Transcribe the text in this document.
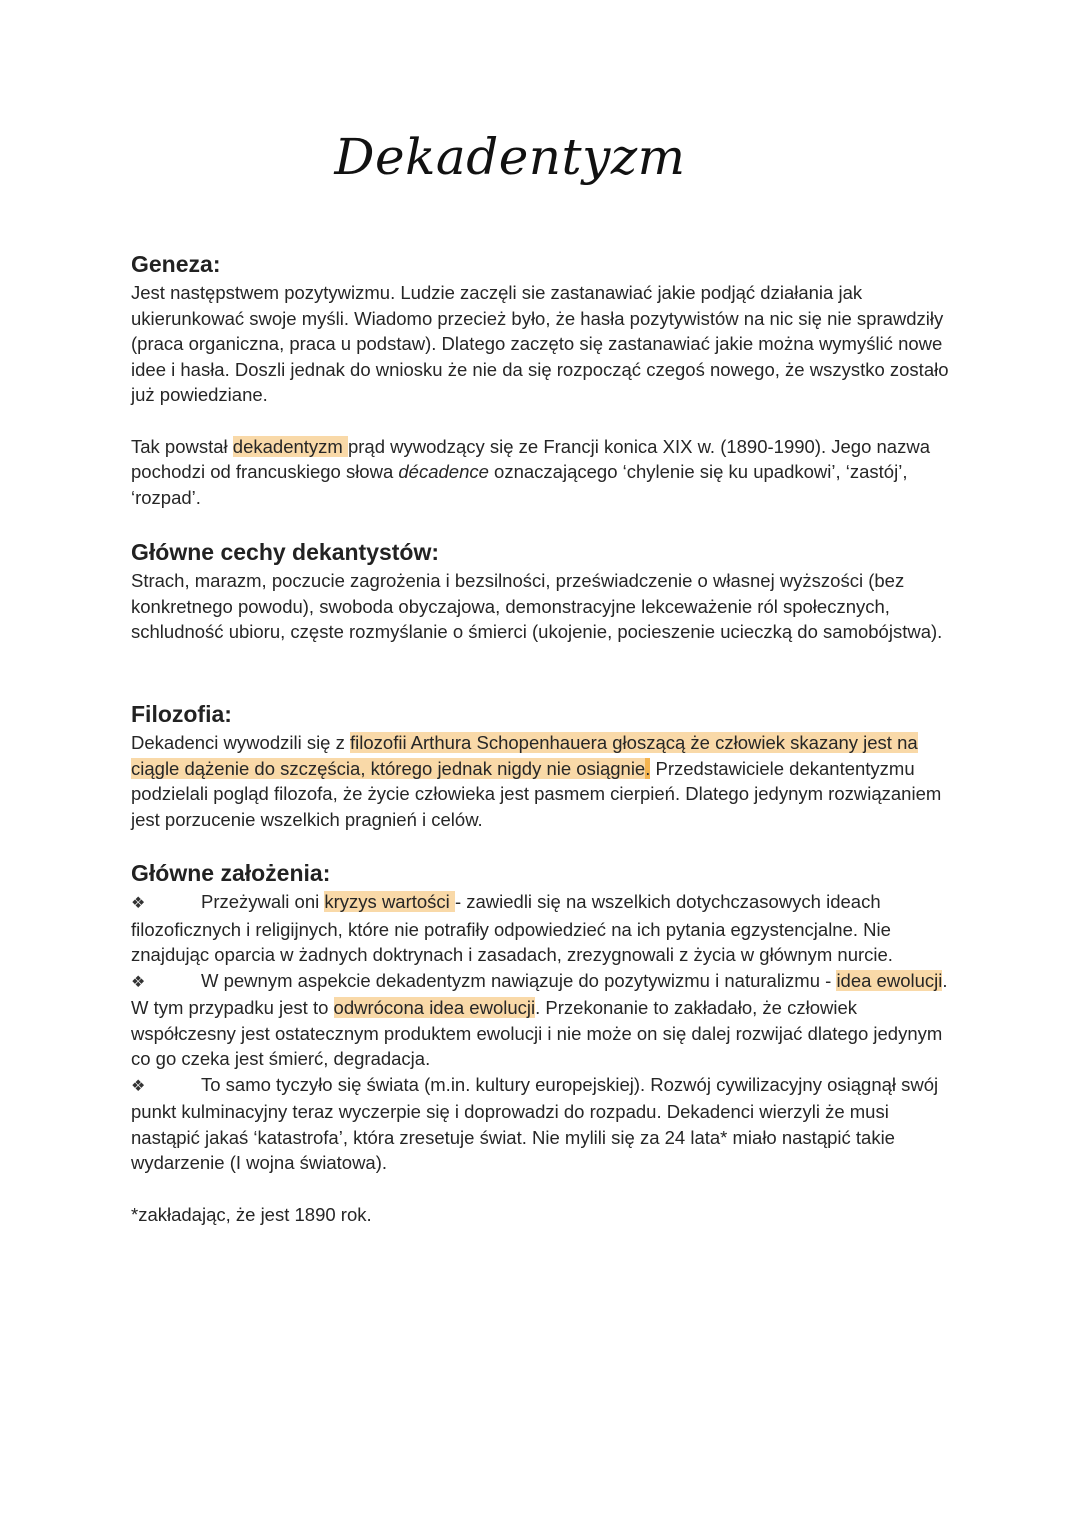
Dekadentyzm
Geneza:

Jest następstwem pozytywizmu. Ludzie zaczęli sie zastanawiać jakie podjąć działania jak ukierunkować swoje myśli. Wiadomo przecież było, że hasła pozytywistów na nic się nie sprawdziły (praca organiczna, praca u podstaw). Dlatego zaczęto się zastanawiać jakie można wymyślić nowe idee i hasła. Doszli jednak do wniosku że nie da się rozpocząć czegoś nowego, że wszystko zostało już powiedziane.

Tak powstał dekadentyzm prąd wywodzący się ze Francji konica XIX w. (1890-1990). Jego nazwa pochodzi od francuskiego słowa décadence oznaczającego ‘chylenie się ku upadkowi’, ‘zastój’, ‘rozpad’.

Główne cechy dekantystów:

Strach, marazm, poczucie zagrożenia i bezsilności, przeświadczenie o własnej wyższości (bez konkretnego powodu), swoboda obyczajowa, demonstracyjne lekceważenie ról społecznych, schludność ubioru, częste rozmyślanie o śmierci (ukojenie, pocieszenie ucieczką do samobójstwa).

Filozofia:

Dekadenci wywodzili się z filozofii Arthura Schopenhauera głoszącą że człowiek skazany jest na ciągle dążenie do szczęścia, którego jednak nigdy nie osiągnie. Przedstawiciele dekantentyzmu podzielali pogląd filozofa, że życie człowieka jest pasmem cierpień. Dlatego jedynym rozwiązaniem jest porzucenie wszelkich pragnień i celów.

Główne założenia:

❖	Przeżywali oni kryzys wartości - zawiedli się na wszelkich dotychczasowych ideach filozoficznych i religijnych, które nie potrafiły odpowiedzieć na ich pytania egzystencjalne. Nie znajdując oparcia w żadnych doktrynach i zasadach, zrezygnowali z życia w głównym nurcie.

❖	W pewnym aspekcie dekadentyzm nawiązuje do pozytywizmu i naturalizmu - idea ewolucji. W tym przypadku jest to odwrócona idea ewolucji. Przekonanie to zakładało, że człowiek współczesny jest ostatecznym produktem ewolucji i nie może on się dalej rozwijać dlatego jedynym co go czeka jest śmierć, degradacja.

❖	To samo tyczyło się świata (m.in. kultury europejskiej). Rozwój cywilizacyjny osiągnął swój punkt kulminacyjny teraz wyczerpie się i doprowadzi do rozpadu. Dekadenci wierzyli że musi nastąpić jakaś ‘katastrofa’, która zresetuje świat. Nie mylili się za 24 lata* miało nastąpić takie wydarzenie (I wojna światowa).

*zakładając, że jest 1890 rok.
